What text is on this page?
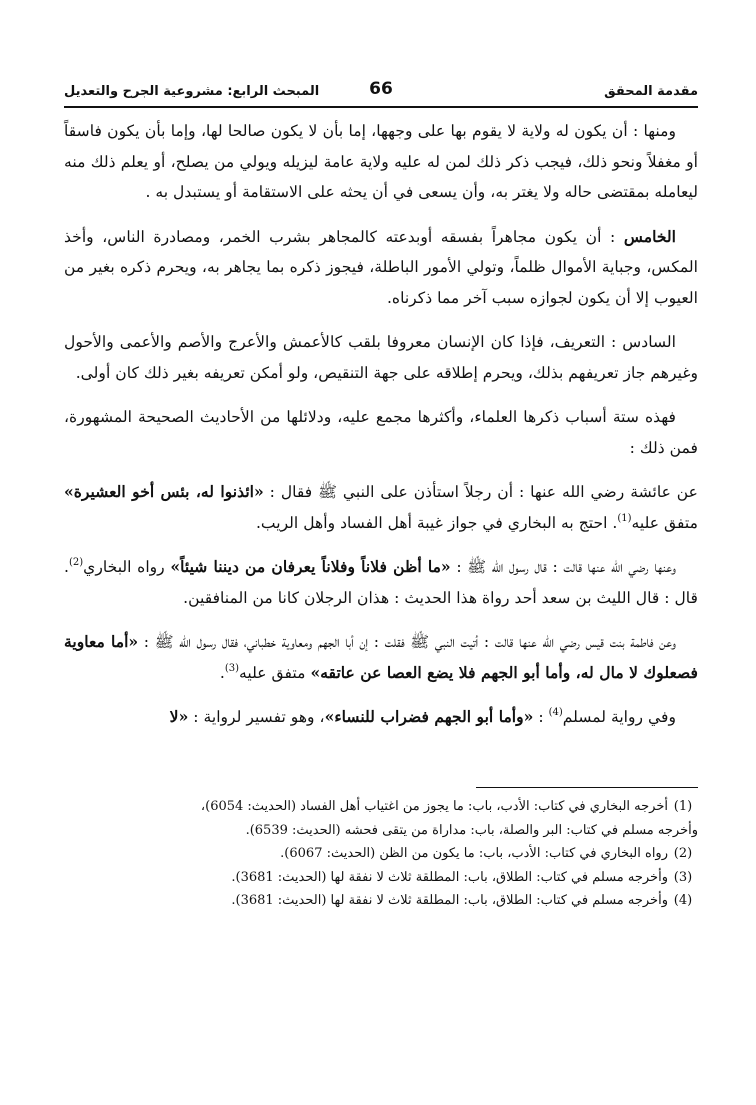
مقدمة المحقق
66
المبحث الرابع: مشروعية الجرح والتعديل

ومنها : أن يكون له ولاية لا يقوم بها على وجهها، إما بأن لا يكون صالحا لها، وإما بأن يكون فاسقاً أو مغفلاً ونحو ذلك، فيجب ذكر ذلك لمن له عليه ولاية عامة ليزيله ويولي من يصلح، أو يعلم ذلك منه ليعامله بمقتضى حاله ولا يغتر به، وأن يسعى في أن يحثه على الاستقامة أو يستبدل به .

الخامس : أن يكون مجاهراً بفسقه أوبدعته كالمجاهر بشرب الخمر، ومصادرة الناس، وأخذ المكس، وجباية الأموال ظلماً، وتولي الأمور الباطلة، فيجوز ذكره بما يجاهر به، ويحرم ذكره بغير من العيوب إلا أن يكون لجوازه سبب آخر مما ذكرناه.

السادس : التعريف، فإذا كان الإنسان معروفا بلقب كالأعمش والأعرج والأصم والأعمى والأحول وغيرهم جاز تعريفهم بذلك، ويحرم إطلاقه على جهة التنقيص، ولو أمكن تعريفه بغير ذلك كان أولى.

فهذه ستة أسباب ذكرها العلماء، وأكثرها مجمع عليه، ودلائلها من الأحاديث الصحيحة المشهورة، فمن ذلك :

عن عائشة رضي الله عنها : أن رجلاً استأذن على النبي ﷺ فقال : «ائذنوا له، بئس أخو العشيرة» متفق عليه$^{(1)}$. احتج به البخاري في جواز غيبة أهل الفساد وأهل الريب.

وعنها رضي الله عنها قالت : قال رسول الله ﷺ : «ما أظن فلاناً وفلاناً يعرفان من ديننا شيئاً» رواه البخاري$^{(2)}$. قال : قال الليث بن سعد أحد رواة هذا الحديث : هذان الرجلان كانا من المنافقين.

وعن فاطمة بنت قيس رضي الله عنها قالت : أتيت النبي ﷺ فقلت : إن أبا الجهم ومعاوية خطباني، فقال رسول الله ﷺ : «أما معاوية فصعلوك لا مال له، وأما أبو الجهم فلا يضع العصا عن عاتقه» متفق عليه$^{(3)}$.

وفي رواية لمسلم$^{(4)}$ : «وأما أبو الجهم فضراب للنساء»، وهو تفسير لرواية : «لا

(1)
أخرجه البخاري في كتاب: الأدب، باب: ما يجوز من اغتياب أهل الفساد (الحديث: 6054)،
وأخرجه مسلم في كتاب: البر والصلة، باب: مداراة من يتقى فحشه (الحديث: 6539).
(2)
رواه البخاري في كتاب: الأدب، باب: ما يكون من الظن (الحديث: 6067).
(3)
وأخرجه مسلم في كتاب: الطلاق، باب: المطلقة ثلاث لا نفقة لها (الحديث: 3681).
(4)
وأخرجه مسلم في كتاب: الطلاق، باب: المطلقة ثلاث لا نفقة لها (الحديث: 3681).
